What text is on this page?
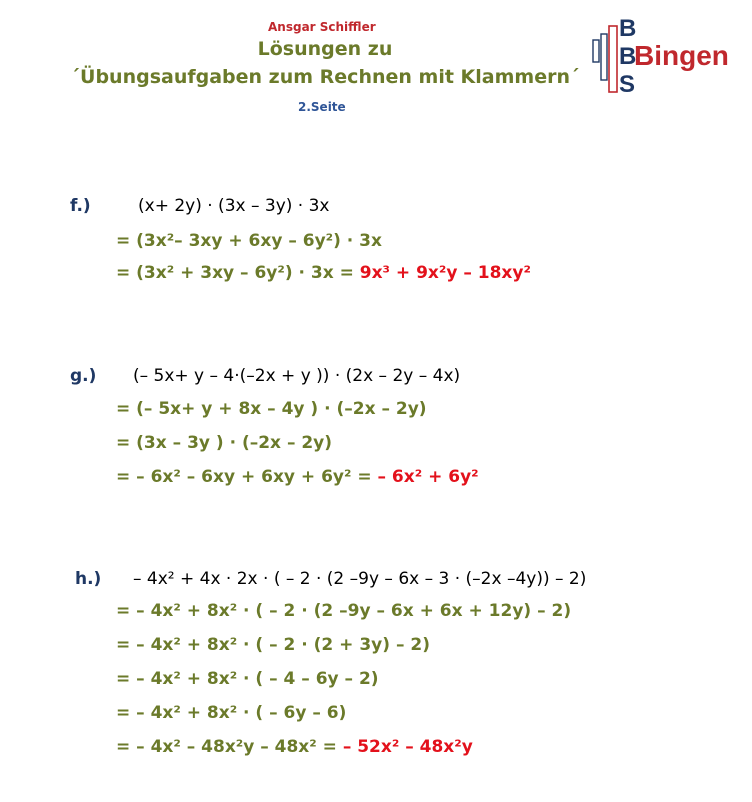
Ansgar Schiffler
Lösungen zu
´Übungsaufgaben zum Rechnen mit Klammern´
2.Seite
B
B
S
Bingen
f.)	(x+ 2y) · (3x – 3y) · 3x
= (3x²– 3xy + 6xy – 6y²) · 3x
= (3x² + 3xy – 6y²) · 3x = 9x³ + 9x²y – 18xy²
g.) (– 5x+ y – 4·(–2x + y )) · (2x – 2y – 4x)
= (– 5x+ y + 8x – 4y ) · (–2x – 2y)
= (3x – 3y ) · (–2x – 2y)
= – 6x² – 6xy + 6xy + 6y² = – 6x² + 6y²
h.) – 4x² + 4x · 2x · ( – 2 · (2 –9y – 6x – 3 · (–2x –4y)) – 2)
= – 4x² + 8x² · ( – 2 · (2 –9y – 6x + 6x + 12y) – 2)
= – 4x² + 8x² · ( – 2 · (2 + 3y) – 2)
= – 4x² + 8x² · ( – 4 – 6y – 2)
= – 4x² + 8x² · ( – 6y – 6)
= – 4x² – 48x²y – 48x² = – 52x² – 48x²y
